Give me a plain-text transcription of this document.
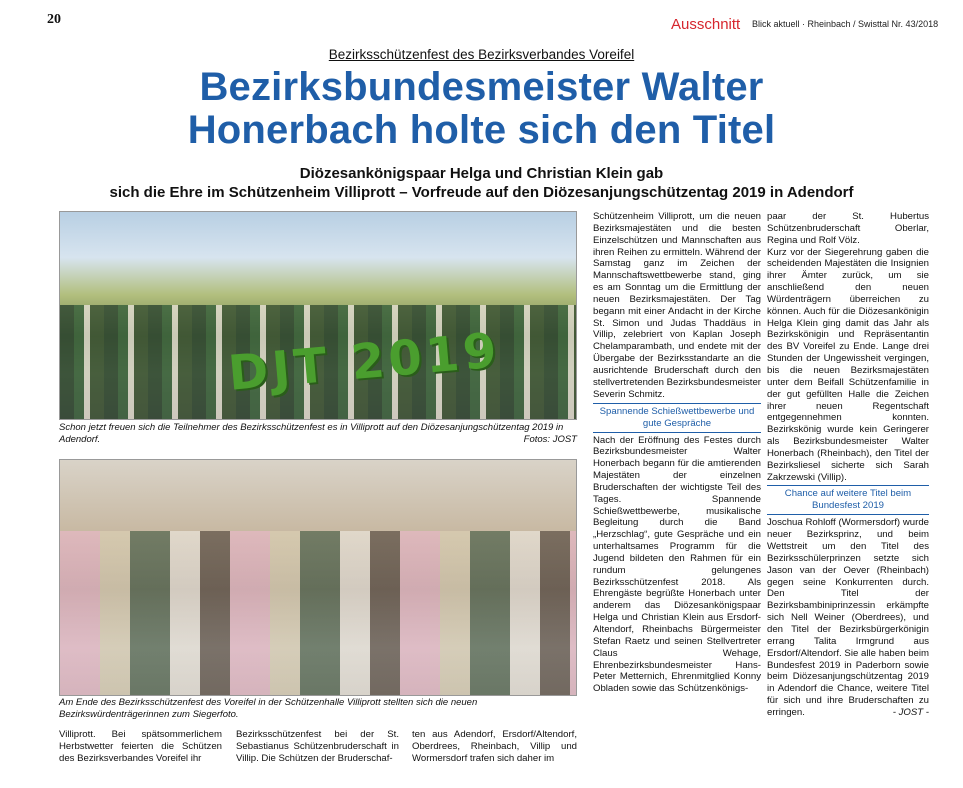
20	Ausschnitt Blick aktuell · Rheinbach / Swisttal Nr. 43/2018
Bezirksschützenfest des Bezirksverbandes Voreifel
Bezirksbundesmeister Walter
Honerbach holte sich den Titel
Diözesankönigspaar Helga und Christian Klein gab
sich die Ehre im Schützenheim Villiprott – Vorfreude auf den Diözesanjungschützentag 2019 in Adendorf
DJT 2019
Schon jetzt freuen sich die Teilnehmer des Bezirksschützenfest es in Villiprott auf den Diözesanjungschützentag 2019 in Adendorf.	Fotos: JOST
Am Ende des Bezirksschützenfest des Voreifel in der Schützenhalle Villiprott stellten sich die neuen Bezirkswürdenträgerinnen zum Siegerfoto.
Villiprott. Bei spätsommerlichem Herbstwetter feierten die Schützen des Bezirksverbandes Voreifel ihr
Bezirksschützenfest bei der St. Sebastianus Schützenbruderschaft in Villip. Die Schützen der Bruderschaf-
ten aus Adendorf, Ersdorf/Altendorf, Oberdrees, Rheinbach, Villip und Wormersdorf trafen sich daher im

Schützenheim Villiprott, um die neuen Bezirksmajestäten und die besten Einzelschützen und Mannschaften aus ihren Reihen zu ermitteln. Während der Samstag ganz im Zeichen der Mannschaftswettbewerbe stand, ging es am Sonntag um die Ermittlung der neuen Bezirksmajestäten. Der Tag begann mit einer Andacht in der Kirche St. Simon und Judas Thaddäus in Villip, zelebriert von Kaplan Joseph Chelamparambath, und endete mit der Übergabe der Bezirksstandarte an die ausrichtende Bruderschaft durch den stellvertretenden Bezirksbundesmeister Severin Schmitz.

Spannende Schießwettbewerbe und gute Gespräche

Nach der Eröffnung des Festes durch Bezirksbundesmeister Walter Honerbach begann für die amtierenden Majestäten der einzelnen Bruderschaften der wichtigste Teil des Tages. Spannende Schießwettbewerbe, musikalische Begleitung durch die Band „Herzschlag“, gute Gespräche und ein unterhaltsames Programm für die Jugend bildeten den Rahmen für ein rundum gelungenes Bezirksschützenfest 2018. Als Ehrengäste begrüßte Honerbach unter anderem das Diözesankönigspaar Helga und Christian Klein aus Ersdorf-Altendorf, Rheinbachs Bürgermeister Stefan Raetz und seinen Stellvertreter Claus Wehage, Ehrenbezirksbundesmeister Hans-Peter Metternich, Ehrenmitglied Konny Obladen sowie das Schützenkönigs-

paar der St. Hubertus Schützenbruderschaft Oberlar, Regina und Rolf Völz.

Kurz vor der Siegerehrung gaben die scheidenden Majestäten die Insignien ihrer Ämter zurück, um sie anschließend den neuen Würdenträgern überreichen zu können. Auch für die Diözesankönigin Helga Klein ging damit das Jahr als Bezirkskönigin und Repräsentantin des BV Voreifel zu Ende. Lange drei Stunden der Ungewissheit vergingen, bis die neuen Bezirksmajestäten unter dem Beifall Schützenfamilie in der gut gefüllten Halle die Zeichen ihrer neuen Regentschaft entgegennehmen konnten. Bezirkskönig wurde kein Geringerer als Bezirksbundesmeister Walter Honerbach (Rheinbach), den Titel der Bezirksliesel sicherte sich Sarah Zakrzewski (Villip).

Chance auf weitere Titel beim Bundesfest 2019

Joschua Rohloff (Wormersdorf) wurde neuer Bezirksprinz, und beim Wettstreit um den Titel des Bezirksschülerprinzen setzte sich Jason van der Oever (Rheinbach) gegen seine Konkurrenten durch. Den Titel der Bezirksbambiniprinzessin erkämpfte sich Nell Weiner (Oberdrees), und den Titel der Bezirksbürgerkönigin errang Talita Irmgrund aus Ersdorf/Altendorf. Sie alle haben beim Bundesfest 2019 in Paderborn sowie beim Diözesanjungschützentag 2019 in Adendorf die Chance, weitere Titel für sich und ihre Bruderschaften zu erringen.	- JOST -
